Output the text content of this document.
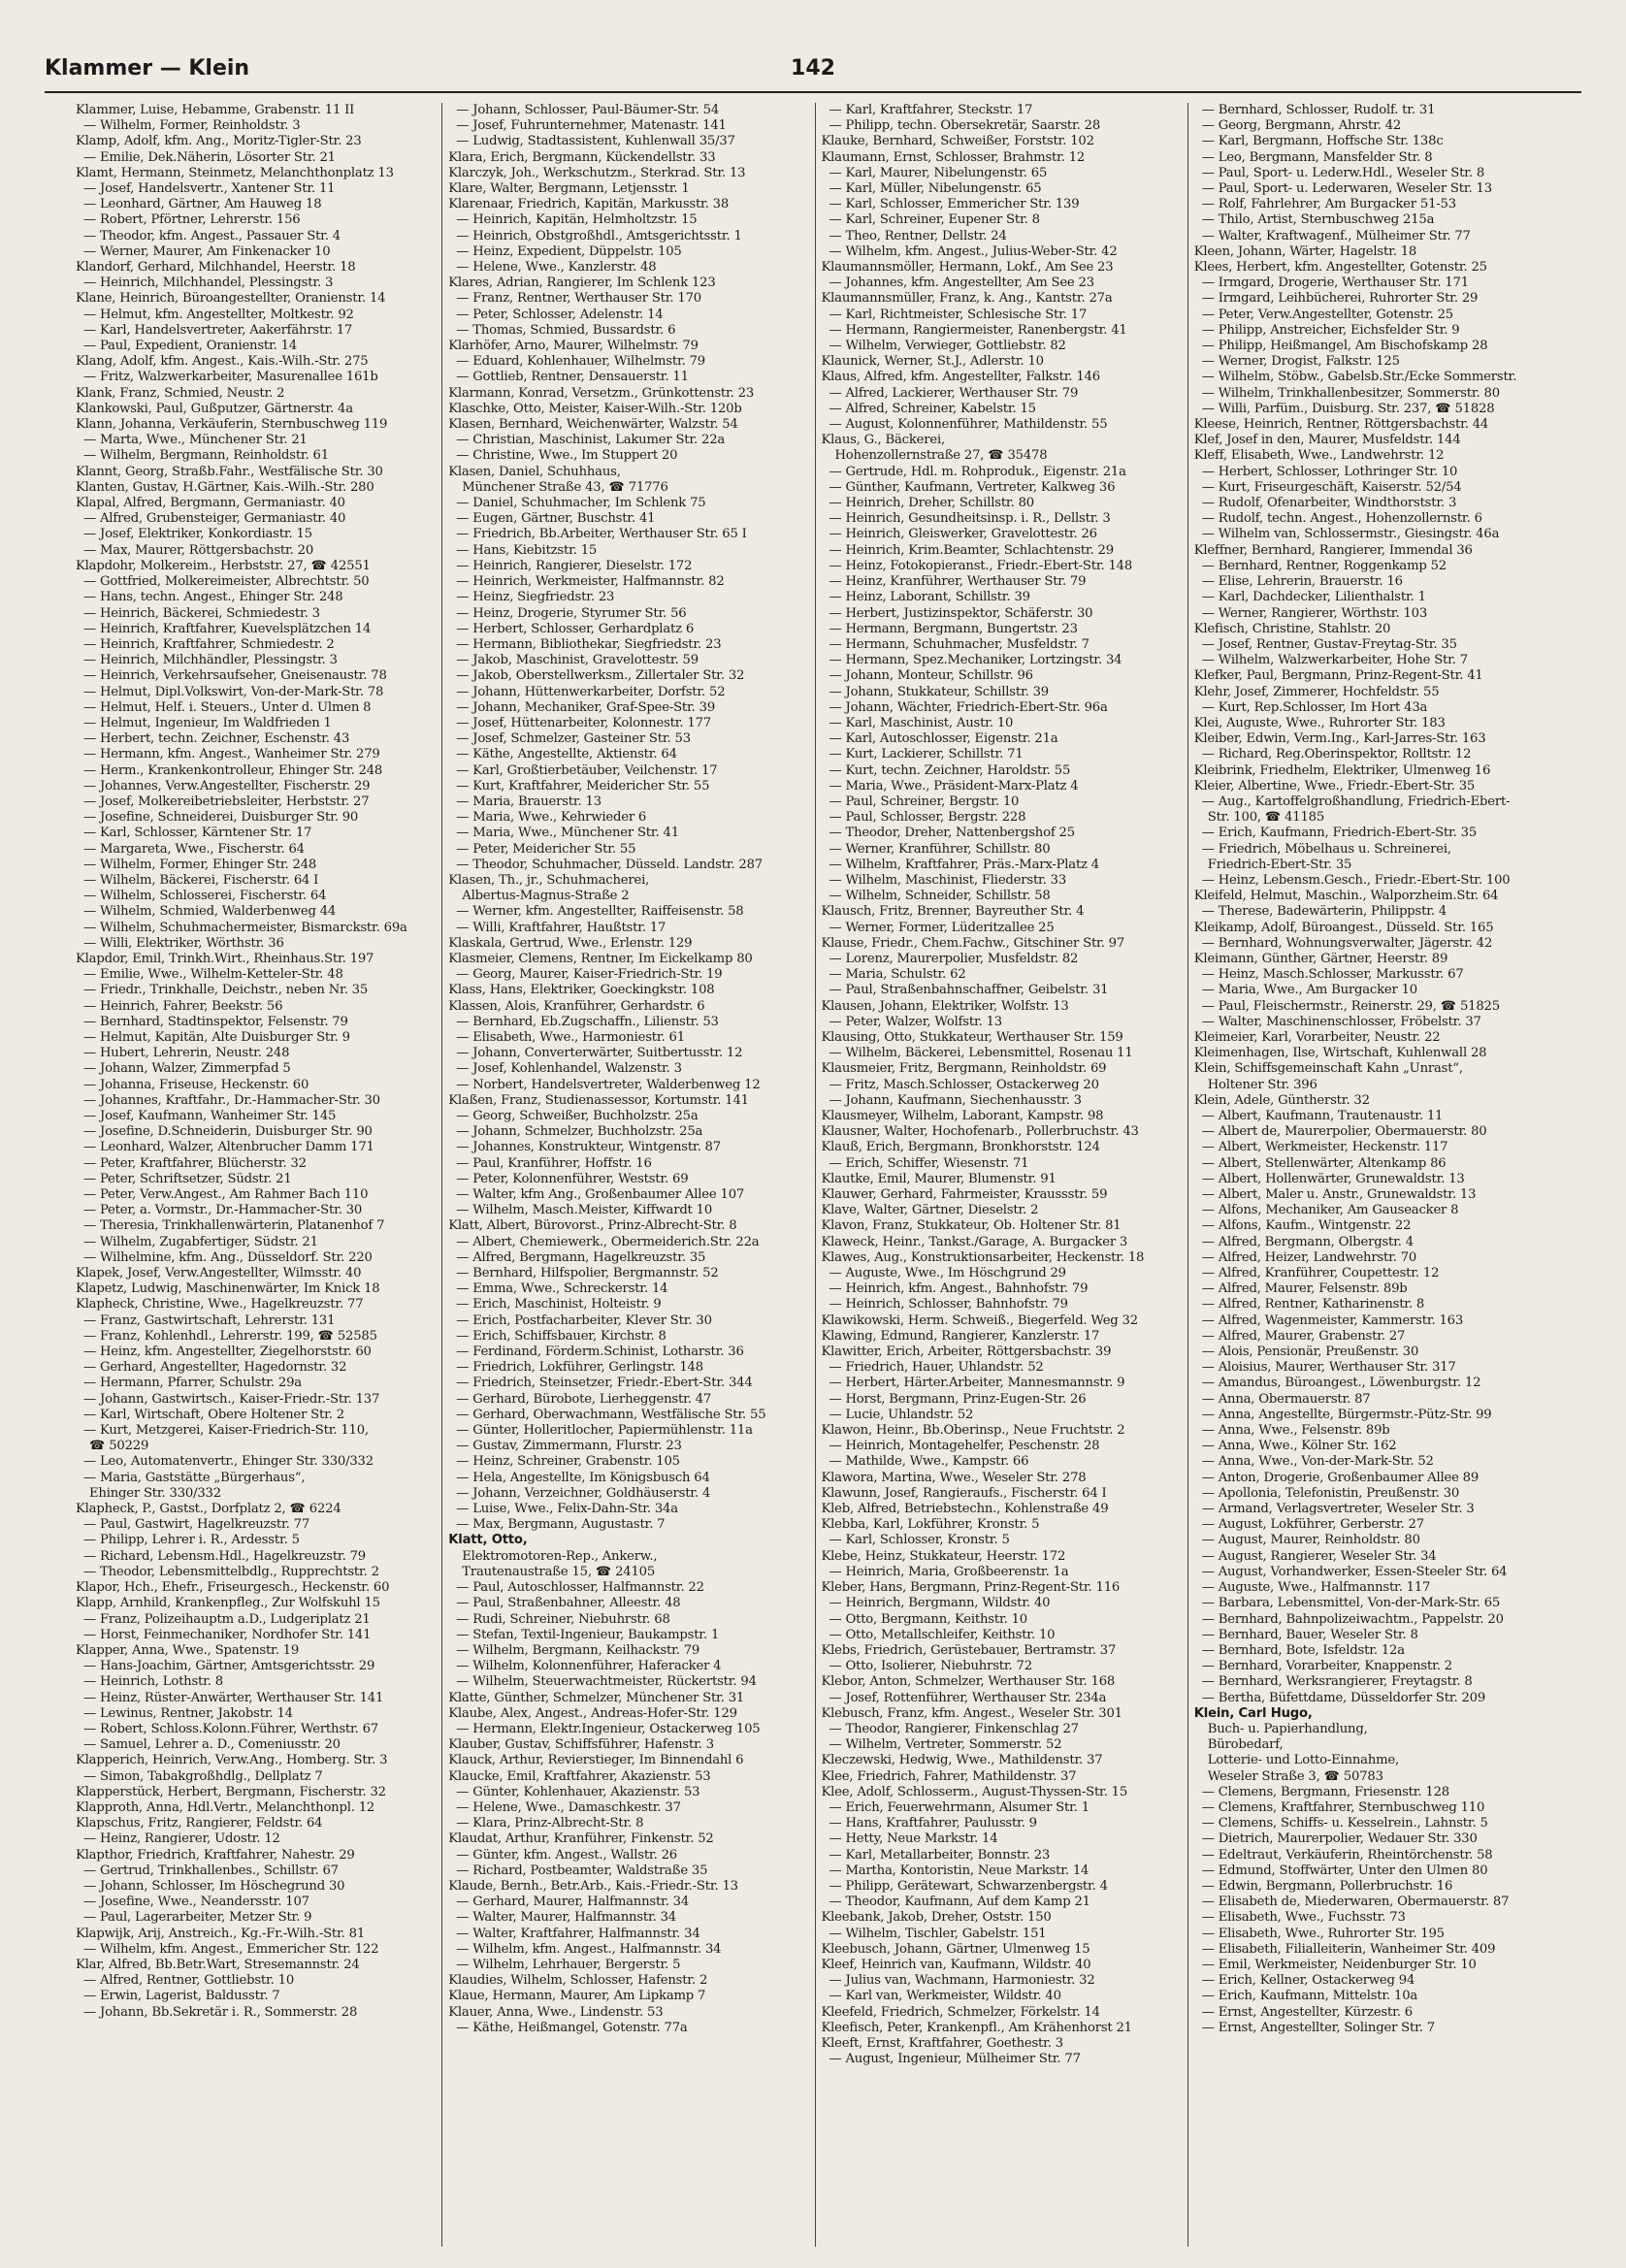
Klammer — Klein	142
Klammer, Luise, Hebamme, Grabenstr. 11 II
— Wilhelm, Former, Reinholdstr. 3
Klamp, Adolf, kfm. Ang., Moritz-Tigler-Str. 23
— Emilie, Dek.Näherin, Lösorter Str. 21
Klamt, Hermann, Steinmetz, Melanchthonplatz 13
— Josef, Handelsvertr., Xantener Str. 11
— Leonhard, Gärtner, Am Hauweg 18
— Robert, Pförtner, Lehrerstr. 156
— Theodor, kfm. Angest., Passauer Str. 4
— Werner, Maurer, Am Finkenacker 10
Klandorf, Gerhard, Milchhandel, Heerstr. 18
— Heinrich, Milchhandel, Plessingstr. 3
Klane, Heinrich, Büroangestellter, Oranienstr. 14
— Helmut, kfm. Angestellter, Moltkestr. 92
— Karl, Handelsvertreter, Aakerfährstr. 17
— Paul, Expedient, Oranienstr. 14
Klang, Adolf, kfm. Angest., Kais.-Wilh.-Str. 275
— Fritz, Walzwerkarbeiter, Masurenallee 161b
Klank, Franz, Schmied, Neustr. 2
Klankowski, Paul, Gußputzer, Gärtnerstr. 4a
Klann, Johanna, Verkäuferin, Sternbuschweg 119
— Marta, Wwe., Münchener Str. 21
— Wilhelm, Bergmann, Reinholdstr. 61
Klannt, Georg, Straßb.Fahr., Westfälische Str. 30
Klanten, Gustav, H.Gärtner, Kais.-Wilh.-Str. 280
Klapal, Alfred, Bergmann, Germaniastr. 40
— Alfred, Grubensteiger, Germaniastr. 40
— Josef, Elektriker, Konkordiastr. 15
— Max, Maurer, Röttgersbachstr. 20
Klapdohr, Molkereim., Herbststr. 27, ☎ 42551
— Gottfried, Molkereimeister, Albrechtstr. 50
— Hans, techn. Angest., Ehinger Str. 248
— Heinrich, Bäckerei, Schmiedestr. 3
— Heinrich, Kraftfahrer, Kuevelsplätzchen 14
— Heinrich, Kraftfahrer, Schmiedestr. 2
— Heinrich, Milchhändler, Plessingstr. 3
— Heinrich, Verkehrsaufseher, Gneisenaustr. 78
— Helmut, Dipl.Volkswirt, Von-der-Mark-Str. 78
— Helmut, Helf. i. Steuers., Unter d. Ulmen 8
— Helmut, Ingenieur, Im Waldfrieden 1
— Herbert, techn. Zeichner, Eschenstr. 43
— Hermann, kfm. Angest., Wanheimer Str. 279
— Herm., Krankenkontrolleur, Ehinger Str. 248
— Johannes, Verw.Angestellter, Fischerstr. 29
— Josef, Molkereibetriebsleiter, Herbststr. 27
— Josefine, Schneiderei, Duisburger Str. 90
— Karl, Schlosser, Kärntener Str. 17
— Margareta, Wwe., Fischerstr. 64
— Wilhelm, Former, Ehinger Str. 248
— Wilhelm, Bäckerei, Fischerstr. 64 I
— Wilhelm, Schlosserei, Fischerstr. 64
— Wilhelm, Schmied, Walderbenweg 44
— Wilhelm, Schuhmachermeister, Bismarckstr. 69a
— Willi, Elektriker, Wörthstr. 36
Klapdor, Emil, Trinkh.Wirt., Rheinhaus.Str. 197
— Emilie, Wwe., Wilhelm-Ketteler-Str. 48
— Friedr., Trinkhalle, Deichstr., neben Nr. 35
— Heinrich, Fahrer, Beekstr. 56
— Bernhard, Stadtinspektor, Felsenstr. 79
— Helmut, Kapitän, Alte Duisburger Str. 9
— Hubert, Lehrerin, Neustr. 248
— Johann, Walzer, Zimmerpfad 5
— Johanna, Friseuse, Heckenstr. 60
— Johannes, Kraftfahr., Dr.-Hammacher-Str. 30
— Josef, Kaufmann, Wanheimer Str. 145
— Josefine, D.Schneiderin, Duisburger Str. 90
— Leonhard, Walzer, Altenbrucher Damm 171
— Peter, Kraftfahrer, Blücherstr. 32
— Peter, Schriftsetzer, Südstr. 21
— Peter, Verw.Angest., Am Rahmer Bach 110
— Peter, a. Vormstr., Dr.-Hammacher-Str. 30
— Theresia, Trinkhallenwärterin, Platanenhof 7
— Wilhelm, Zugabfertiger, Südstr. 21
— Wilhelmine, kfm. Ang., Düsseldorf. Str. 220
Klapek, Josef, Verw.Angestellter, Wilmsstr. 40
Klapetz, Ludwig, Maschinenwärter, Im Knick 18
Klapheck, Christine, Wwe., Hagelkreuzstr. 77
— Franz, Gastwirtschaft, Lehrerstr. 131
— Franz, Kohlenhdl., Lehrerstr. 199, ☎ 52585
— Heinz, kfm. Angestellter, Ziegelhorststr. 60
— Gerhard, Angestellter, Hagedornstr. 32
— Hermann, Pfarrer, Schulstr. 29a
— Johann, Gastwirtsch., Kaiser-Friedr.-Str. 137
— Karl, Wirtschaft, Obere Holtener Str. 2
— Kurt, Metzgerei, Kaiser-Friedrich-Str. 110,
☎ 50229
— Leo, Automatenvertr., Ehinger Str. 330/332
— Maria, Gaststätte „Bürgerhaus“,
Ehinger Str. 330/332
Klapheck, P., Gastst., Dorfplatz 2, ☎ 6224
— Paul, Gastwirt, Hagelkreuzstr. 77
— Philipp, Lehrer i. R., Ardesstr. 5
— Richard, Lebensm.Hdl., Hagelkreuzstr. 79
— Theodor, Lebensmittelbdlg., Rupprechtstr. 2
Klapor, Hch., Ehefr., Friseurgesch., Heckenstr. 60
Klapp, Arnhild, Krankenpfleg., Zur Wolfskuhl 15
— Franz, Polizeihauptm a.D., Ludgeriplatz 21
— Horst, Feinmechaniker, Nordhofer Str. 141
Klapper, Anna, Wwe., Spatenstr. 19
— Hans-Joachim, Gärtner, Amtsgerichtsstr. 29
— Heinrich, Lothstr. 8
— Heinz, Rüster-Anwärter, Werthauser Str. 141
— Lewinus, Rentner, Jakobstr. 14
— Robert, Schloss.Kolonn.Führer, Werthstr. 67
— Samuel, Lehrer a. D., Comeniusstr. 20
Klapperich, Heinrich, Verw.Ang., Homberg. Str. 3
— Simon, Tabakgroßhdlg., Dellplatz 7
Klapperstück, Herbert, Bergmann, Fischerstr. 32
Klapproth, Anna, Hdl.Vertr., Melanchthonpl. 12
Klapschus, Fritz, Rangierer, Feldstr. 64
— Heinz, Rangierer, Udostr. 12
Klapthor, Friedrich, Kraftfahrer, Nahestr. 29
— Gertrud, Trinkhallenbes., Schillstr. 67
— Johann, Schlosser, Im Höschegrund 30
— Josefine, Wwe., Neandersstr. 107
— Paul, Lagerarbeiter, Metzer Str. 9
Klapwijk, Arij, Anstreich., Kg.-Fr.-Wilh.-Str. 81
— Wilhelm, kfm. Angest., Emmericher Str. 122
Klar, Alfred, Bb.Betr.Wart, Stresemannstr. 24
— Alfred, Rentner, Gottliebstr. 10
— Erwin, Lagerist, Baldusstr. 7
— Johann, Bb.Sekretär i. R., Sommerstr. 28
— Johann, Schlosser, Paul-Bäumer-Str. 54
— Josef, Fuhrunternehmer, Matenastr. 141
— Ludwig, Stadtassistent, Kuhlenwall 35/37
Klara, Erich, Bergmann, Kückendellstr. 33
Klarczyk, Joh., Werkschutzm., Sterkrad. Str. 13
Klare, Walter, Bergmann, Letjensstr. 1
Klarenaar, Friedrich, Kapitän, Markusstr. 38
— Heinrich, Kapitän, Helmholtzstr. 15
— Heinrich, Obstgroßhdl., Amtsgerichtsstr. 1
— Heinz, Expedient, Düppelstr. 105
— Helene, Wwe., Kanzlerstr. 48
Klares, Adrian, Rangierer, Im Schlenk 123
— Franz, Rentner, Werthauser Str. 170
— Peter, Schlosser, Adelenstr. 14
— Thomas, Schmied, Bussardstr. 6
Klarhöfer, Arno, Maurer, Wilhelmstr. 79
— Eduard, Kohlenhauer, Wilhelmstr. 79
— Gottlieb, Rentner, Densauerstr. 11
Klarmann, Konrad, Versetzm., Grünkottenstr. 23
Klaschke, Otto, Meister, Kaiser-Wilh.-Str. 120b
Klasen, Bernhard, Weichenwärter, Walzstr. 54
— Christian, Maschinist, Lakumer Str. 22a
— Christine, Wwe., Im Stuppert 20
Klasen, Daniel, Schuhhaus,
Münchener Straße 43, ☎ 71776
— Daniel, Schuhmacher, Im Schlenk 75
— Eugen, Gärtner, Buschstr. 41
— Friedrich, Bb.Arbeiter, Werthauser Str. 65 I
— Hans, Kiebitzstr. 15
— Heinrich, Rangierer, Dieselstr. 172
— Heinrich, Werkmeister, Halfmannstr. 82
— Heinz, Siegfriedstr. 23
— Heinz, Drogerie, Styrumer Str. 56
— Herbert, Schlosser, Gerhardplatz 6
— Hermann, Bibliothekar, Siegfriedstr. 23
— Jakob, Maschinist, Gravelottestr. 59
— Jakob, Oberstellwerksm., Zillertaler Str. 32
— Johann, Hüttenwerkarbeiter, Dorfstr. 52
— Johann, Mechaniker, Graf-Spee-Str. 39
— Josef, Hüttenarbeiter, Kolonnestr. 177
— Josef, Schmelzer, Gasteiner Str. 53
— Käthe, Angestellte, Aktienstr. 64
— Karl, Großtierbetäuber, Veilchenstr. 17
— Kurt, Kraftfahrer, Meidericher Str. 55
— Maria, Brauerstr. 13
— Maria, Wwe., Kehrwieder 6
— Maria, Wwe., Münchener Str. 41
— Peter, Meidericher Str. 55
— Theodor, Schuhmacher, Düsseld. Landstr. 287
Klasen, Th., jr., Schuhmacherei,
Albertus-Magnus-Straße 2
— Werner, kfm. Angestellter, Raiffeisenstr. 58
— Willi, Kraftfahrer, Haußtstr. 17
Klaskala, Gertrud, Wwe., Erlenstr. 129
Klasmeier, Clemens, Rentner, Im Eickelkamp 80
— Georg, Maurer, Kaiser-Friedrich-Str. 19
Klass, Hans, Elektriker, Goeckingkstr. 108
Klassen, Alois, Kranführer, Gerhardstr. 6
— Bernhard, Eb.Zugschaffn., Lilienstr. 53
— Elisabeth, Wwe., Harmoniestr. 61
— Johann, Converterwärter, Suitbertusstr. 12
— Josef, Kohlenhandel, Walzenstr. 3
— Norbert, Handelsvertreter, Walderbenweg 12
Klaßen, Franz, Studienassessor, Kortumstr. 141
— Georg, Schweißer, Buchholzstr. 25a
— Johann, Schmelzer, Buchholzstr. 25a
— Johannes, Konstrukteur, Wintgenstr. 87
— Paul, Kranführer, Hoffstr. 16
— Peter, Kolonnenführer, Weststr. 69
— Walter, kfm Ang., Großenbaumer Allee 107
— Wilhelm, Masch.Meister, Kiffwardt 10
Klatt, Albert, Bürovorst., Prinz-Albrecht-Str. 8
— Albert, Chemiewerk., Obermeiderich.Str. 22a
— Alfred, Bergmann, Hagelkreuzstr. 35
— Bernhard, Hilfspolier, Bergmannstr. 52
— Emma, Wwe., Schreckerstr. 14
— Erich, Maschinist, Holteistr. 9
— Erich, Postfacharbeiter, Klever Str. 30
— Erich, Schiffsbauer, Kirchstr. 8
— Ferdinand, Förderm.Schinist, Lotharstr. 36
— Friedrich, Lokführer, Gerlingstr. 148
— Friedrich, Steinsetzer, Friedr.-Ebert-Str. 344
— Gerhard, Bürobote, Lierheggenstr. 47
— Gerhard, Oberwachmann, Westfälische Str. 55
— Günter, Holleritlocher, Papiermühlenstr. 11a
— Gustav, Zimmermann, Flurstr. 23
— Heinz, Schreiner, Grabenstr. 105
— Hela, Angestellte, Im Königsbusch 64
— Johann, Verzeichner, Goldhäuserstr. 4
— Luise, Wwe., Felix-Dahn-Str. 34a
— Max, Bergmann, Augustastr. 7
Klatt, Otto,
Elektromotoren-Rep., Ankerw.,
Trautenaustraße 15, ☎ 24105
— Paul, Autoschlosser, Halfmannstr. 22
— Paul, Straßenbahner, Alleestr. 48
— Rudi, Schreiner, Niebuhrstr. 68
— Stefan, Textil-Ingenieur, Baukampstr. 1
— Wilhelm, Bergmann, Keilhackstr. 79
— Wilhelm, Kolonnenführer, Haferacker 4
— Wilhelm, Steuerwachtmeister, Rückertstr. 94
Klatte, Günther, Schmelzer, Münchener Str. 31
Klaube, Alex, Angest., Andreas-Hofer-Str. 129
— Hermann, Elektr.Ingenieur, Ostackerweg 105
Klauber, Gustav, Schiffsführer, Hafenstr. 3
Klauck, Arthur, Revierstieger, Im Binnendahl 6
Klaucke, Emil, Kraftfahrer, Akazienstr. 53
— Günter, Kohlenhauer, Akazienstr. 53
— Helene, Wwe., Damaschkestr. 37
— Klara, Prinz-Albrecht-Str. 8
Klaudat, Arthur, Kranführer, Finkenstr. 52
— Günter, kfm. Angest., Wallstr. 26
— Richard, Postbeamter, Waldstraße 35
Klaude, Bernh., Betr.Arb., Kais.-Friedr.-Str. 13
— Gerhard, Maurer, Halfmannstr. 34
— Walter, Maurer, Halfmannstr. 34
— Walter, Kraftfahrer, Halfmannstr. 34
— Wilhelm, kfm. Angest., Halfmannstr. 34
— Wilhelm, Lehrhauer, Bergerstr. 5
Klaudies, Wilhelm, Schlosser, Hafenstr. 2
Klaue, Hermann, Maurer, Am Lipkamp 7
Klauer, Anna, Wwe., Lindenstr. 53
— Käthe, Heißmangel, Gotenstr. 77a
— Karl, Kraftfahrer, Steckstr. 17
— Philipp, techn. Obersekretär, Saarstr. 28
Klauke, Bernhard, Schweißer, Forststr. 102
Klaumann, Ernst, Schlosser, Brahmstr. 12
— Karl, Maurer, Nibelungenstr. 65
— Karl, Müller, Nibelungenstr. 65
— Karl, Schlosser, Emmericher Str. 139
— Karl, Schreiner, Eupener Str. 8
— Theo, Rentner, Dellstr. 24
— Wilhelm, kfm. Angest., Julius-Weber-Str. 42
Klaumannsmöller, Hermann, Lokf., Am See 23
— Johannes, kfm. Angestellter, Am See 23
Klaumannsmüller, Franz, k. Ang., Kantstr. 27a
— Karl, Richtmeister, Schlesische Str. 17
— Hermann, Rangiermeister, Ranenbergstr. 41
— Wilhelm, Verwieger, Gottliebstr. 82
Klaunick, Werner, St.J., Adlerstr. 10
Klaus, Alfred, kfm. Angestellter, Falkstr. 146
— Alfred, Lackierer, Werthauser Str. 79
— Alfred, Schreiner, Kabelstr. 15
— August, Kolonnenführer, Mathildenstr. 55
Klaus, G., Bäckerei,
Hohenzollernstraße 27, ☎ 35478
— Gertrude, Hdl. m. Rohproduk., Eigenstr. 21a
— Günther, Kaufmann, Vertreter, Kalkweg 36
— Heinrich, Dreher, Schillstr. 80
— Heinrich, Gesundheitsinsp. i. R., Dellstr. 3
— Heinrich, Gleiswerker, Gravelottestr. 26
— Heinrich, Krim.Beamter, Schlachtenstr. 29
— Heinz, Fotokopieranst., Friedr.-Ebert-Str. 148
— Heinz, Kranführer, Werthauser Str. 79
— Heinz, Laborant, Schillstr. 39
— Herbert, Justizinspektor, Schäferstr. 30
— Hermann, Bergmann, Bungertstr. 23
— Hermann, Schuhmacher, Musfeldstr. 7
— Hermann, Spez.Mechaniker, Lortzingstr. 34
— Johann, Monteur, Schillstr. 96
— Johann, Stukkateur, Schillstr. 39
— Johann, Wächter, Friedrich-Ebert-Str. 96a
— Karl, Maschinist, Austr. 10
— Karl, Autoschlosser, Eigenstr. 21a
— Kurt, Lackierer, Schillstr. 71
— Kurt, techn. Zeichner, Haroldstr. 55
— Maria, Wwe., Präsident-Marx-Platz 4
— Paul, Schreiner, Bergstr. 10
— Paul, Schlosser, Bergstr. 228
— Theodor, Dreher, Nattenbergshof 25
— Werner, Kranführer, Schillstr. 80
— Wilhelm, Kraftfahrer, Präs.-Marx-Platz 4
— Wilhelm, Maschinist, Fliederstr. 33
— Wilhelm, Schneider, Schillstr. 58
Klausch, Fritz, Brenner, Bayreuther Str. 4
— Werner, Former, Lüderitzallee 25
Klause, Friedr., Chem.Fachw., Gitschiner Str. 97
— Lorenz, Maurerpolier, Musfeldstr. 82
— Maria, Schulstr. 62
— Paul, Straßenbahnschaffner, Geibelstr. 31
Klausen, Johann, Elektriker, Wolfstr. 13
— Peter, Walzer, Wolfstr. 13
Klausing, Otto, Stukkateur, Werthauser Str. 159
— Wilhelm, Bäckerei, Lebensmittel, Rosenau 11
Klausmeier, Fritz, Bergmann, Reinholdstr. 69
— Fritz, Masch.Schlosser, Ostackerweg 20
— Johann, Kaufmann, Siechenhausstr. 3
Klausmeyer, Wilhelm, Laborant, Kampstr. 98
Klausner, Walter, Hochofenarb., Pollerbruchstr. 43
Klauß, Erich, Bergmann, Bronkhorststr. 124
— Erich, Schiffer, Wiesenstr. 71
Klautke, Emil, Maurer, Blumenstr. 91
Klauwer, Gerhard, Fahrmeister, Kraussstr. 59
Klave, Walter, Gärtner, Dieselstr. 2
Klavon, Franz, Stukkateur, Ob. Holtener Str. 81
Klaweck, Heinr., Tankst./Garage, A. Burgacker 3
Klawes, Aug., Konstruktionsarbeiter, Heckenstr. 18
— Auguste, Wwe., Im Höschgrund 29
— Heinrich, kfm. Angest., Bahnhofstr. 79
— Heinrich, Schlosser, Bahnhofstr. 79
Klawikowski, Herm. Schweiß., Biegerfeld. Weg 32
Klawing, Edmund, Rangierer, Kanzlerstr. 17
Klawitter, Erich, Arbeiter, Röttgersbachstr. 39
— Friedrich, Hauer, Uhlandstr. 52
— Herbert, Härter.Arbeiter, Mannesmannstr. 9
— Horst, Bergmann, Prinz-Eugen-Str. 26
— Lucie, Uhlandstr. 52
Klawon, Heinr., Bb.Oberinsp., Neue Fruchtstr. 2
— Heinrich, Montagehelfer, Peschenstr. 28
— Mathilde, Wwe., Kampstr. 66
Klawora, Martina, Wwe., Weseler Str. 278
Klawunn, Josef, Rangieraufs., Fischerstr. 64 I
Kleb, Alfred, Betriebstechn., Kohlenstraße 49
Klebba, Karl, Lokführer, Kronstr. 5
— Karl, Schlosser, Kronstr. 5
Klebe, Heinz, Stukkateur, Heerstr. 172
— Heinrich, Maria, Großbeerenstr. 1a
Kleber, Hans, Bergmann, Prinz-Regent-Str. 116
— Heinrich, Bergmann, Wildstr. 40
— Otto, Bergmann, Keithstr. 10
— Otto, Metallschleifer, Keithstr. 10
Klebs, Friedrich, Gerüstebauer, Bertramstr. 37
— Otto, Isolierer, Niebuhrstr. 72
Klebor, Anton, Schmelzer, Werthauser Str. 168
— Josef, Rottenführer, Werthauser Str. 234a
Klebusch, Franz, kfm. Angest., Weseler Str. 301
— Theodor, Rangierer, Finkenschlag 27
— Wilhelm, Vertreter, Sommerstr. 52
Kleczewski, Hedwig, Wwe., Mathildenstr. 37
Klee, Friedrich, Fahrer, Mathildenstr. 37
Klee, Adolf, Schlosserm., August-Thyssen-Str. 15
— Erich, Feuerwehrmann, Alsumer Str. 1
— Hans, Kraftfahrer, Paulusstr. 9
— Hetty, Neue Markstr. 14
— Karl, Metallarbeiter, Bonnstr. 23
— Martha, Kontoristin, Neue Markstr. 14
— Philipp, Gerätewart, Schwarzenbergstr. 4
— Theodor, Kaufmann, Auf dem Kamp 21
Kleebank, Jakob, Dreher, Oststr. 150
— Wilhelm, Tischler, Gabelstr. 151
Kleebusch, Johann, Gärtner, Ulmenweg 15
Kleef, Heinrich van, Kaufmann, Wildstr. 40
— Julius van, Wachmann, Harmoniestr. 32
— Karl van, Werkmeister, Wildstr. 40
Kleefeld, Friedrich, Schmelzer, Förkelstr. 14
Kleefisch, Peter, Krankenpfl., Am Krähenhorst 21
Kleeft, Ernst, Kraftfahrer, Goethestr. 3
— August, Ingenieur, Mülheimer Str. 77
— Bernhard, Schlosser, Rudolf. tr. 31
— Georg, Bergmann, Ahrstr. 42
— Karl, Bergmann, Hoffsche Str. 138c
— Leo, Bergmann, Mansfelder Str. 8
— Paul, Sport- u. Lederw.Hdl., Weseler Str. 8
— Paul, Sport- u. Lederwaren, Weseler Str. 13
— Rolf, Fahrlehrer, Am Burgacker 51-53
— Thilo, Artist, Sternbuschweg 215a
— Walter, Kraftwagenf., Mülheimer Str. 77
Kleen, Johann, Wärter, Hagelstr. 18
Klees, Herbert, kfm. Angestellter, Gotenstr. 25
— Irmgard, Drogerie, Werthauser Str. 171
— Irmgard, Leihbücherei, Ruhrorter Str. 29
— Peter, Verw.Angestellter, Gotenstr. 25
— Philipp, Anstreicher, Eichsfelder Str. 9
— Philipp, Heißmangel, Am Bischofskamp 28
— Werner, Drogist, Falkstr. 125
— Wilhelm, Stöbw., Gabelsb.Str./Ecke Sommerstr.
— Wilhelm, Trinkhallenbesitzer, Sommerstr. 80
— Willi, Parfüm., Duisburg. Str. 237, ☎ 51828
Kleese, Heinrich, Rentner, Röttgersbachstr. 44
Klef, Josef in den, Maurer, Musfeldstr. 144
Kleff, Elisabeth, Wwe., Landwehrstr. 12
— Herbert, Schlosser, Lothringer Str. 10
— Kurt, Friseurgeschäft, Kaiserstr. 52/54
— Rudolf, Ofenarbeiter, Windthorststr. 3
— Rudolf, techn. Angest., Hohenzollernstr. 6
— Wilhelm van, Schlossermstr., Giesingstr. 46a
Kleffner, Bernhard, Rangierer, Immendal 36
— Bernhard, Rentner, Roggenkamp 52
— Elise, Lehrerin, Brauerstr. 16
— Karl, Dachdecker, Lilienthalstr. 1
— Werner, Rangierer, Wörthstr. 103
Klefisch, Christine, Stahlstr. 20
— Josef, Rentner, Gustav-Freytag-Str. 35
— Wilhelm, Walzwerkarbeiter, Hohe Str. 7
Klefker, Paul, Bergmann, Prinz-Regent-Str. 41
Klehr, Josef, Zimmerer, Hochfeldstr. 55
— Kurt, Rep.Schlosser, Im Hort 43a
Klei, Auguste, Wwe., Ruhrorter Str. 183
Kleiber, Edwin, Verm.Ing., Karl-Jarres-Str. 163
— Richard, Reg.Oberinspektor, Rolltstr. 12
Kleibrink, Friedhelm, Elektriker, Ulmenweg 16
Kleier, Albertine, Wwe., Friedr.-Ebert-Str. 35
— Aug., Kartoffelgroßhandlung, Friedrich-Ebert-
Str. 100, ☎ 41185
— Erich, Kaufmann, Friedrich-Ebert-Str. 35
— Friedrich, Möbelhaus u. Schreinerei,
Friedrich-Ebert-Str. 35
— Heinz, Lebensm.Gesch., Friedr.-Ebert-Str. 100
Kleifeld, Helmut, Maschin., Walporzheim.Str. 64
— Therese, Badewärterin, Philippstr. 4
Kleikamp, Adolf, Büroangest., Düsseld. Str. 165
— Bernhard, Wohnungsverwalter, Jägerstr. 42
Kleimann, Günther, Gärtner, Heerstr. 89
— Heinz, Masch.Schlosser, Markusstr. 67
— Maria, Wwe., Am Burgacker 10
— Paul, Fleischermstr., Reinerstr. 29, ☎ 51825
— Walter, Maschinenschlosser, Fröbelstr. 37
Kleimeier, Karl, Vorarbeiter, Neustr. 22
Kleimenhagen, Ilse, Wirtschaft, Kuhlenwall 28
Klein, Schiffsgemeinschaft Kahn „Unrast“,
Holtener Str. 396
Klein, Adele, Güntherstr. 32
— Albert, Kaufmann, Trautenaustr. 11
— Albert de, Maurerpolier, Obermauerstr. 80
— Albert, Werkmeister, Heckenstr. 117
— Albert, Stellenwärter, Altenkamp 86
— Albert, Hollenwärter, Grunewaldstr. 13
— Albert, Maler u. Anstr., Grunewaldstr. 13
— Alfons, Mechaniker, Am Gauseacker 8
— Alfons, Kaufm., Wintgenstr. 22
— Alfred, Bergmann, Ölbergstr. 4
— Alfred, Heizer, Landwehrstr. 70
— Alfred, Kranführer, Coupettestr. 12
— Alfred, Maurer, Felsenstr. 89b
— Alfred, Rentner, Katharinenstr. 8
— Alfred, Wagenmeister, Kammerstr. 163
— Alfred, Maurer, Grabenstr. 27
— Alois, Pensionär, Preußenstr. 30
— Aloisius, Maurer, Werthauser Str. 317
— Amandus, Büroangest., Löwenburgstr. 12
— Anna, Obermauerstr. 87
— Anna, Angestellte, Bürgermstr.-Pütz-Str. 99
— Anna, Wwe., Felsenstr. 89b
— Anna, Wwe., Kölner Str. 162
— Anna, Wwe., Von-der-Mark-Str. 52
— Anton, Drogerie, Großenbaumer Allee 89
— Apollonia, Telefonistin, Preußenstr. 30
— Armand, Verlagsvertreter, Weseler Str. 3
— August, Lokführer, Gerberstr. 27
— August, Maurer, Reinholdstr. 80
— August, Rangierer, Weseler Str. 34
— August, Vorhandwerker, Essen-Steeler Str. 64
— Auguste, Wwe., Halfmannstr. 117
— Barbara, Lebensmittel, Von-der-Mark-Str. 65
— Bernhard, Bahnpolizeiwachtm., Pappelstr. 20
— Bernhard, Bauer, Weseler Str. 8
— Bernhard, Bote, Isfeldstr. 12a
— Bernhard, Vorarbeiter, Knappenstr. 2
— Bernhard, Werksrangierer, Freytagstr. 8
— Bertha, Büfettdame, Düsseldorfer Str. 209
Klein, Carl Hugo,
Buch- u. Papierhandlung,
Bürobedarf,
Lotterie- und Lotto-Einnahme,
Weseler Straße 3, ☎ 50783
— Clemens, Bergmann, Friesenstr. 128
— Clemens, Kraftfahrer, Sternbuschweg 110
— Clemens, Schiffs- u. Kesselrein., Lahnstr. 5
— Dietrich, Maurerpolier, Wedauer Str. 330
— Edeltraut, Verkäuferin, Rheintörchenstr. 58
— Edmund, Stoffwärter, Unter den Ulmen 80
— Edwin, Bergmann, Pollerbruchstr. 16
— Elisabeth de, Miederwaren, Obermauerstr. 87
— Elisabeth, Wwe., Fuchsstr. 73
— Elisabeth, Wwe., Ruhrorter Str. 195
— Elisabeth, Filialleiterin, Wanheimer Str. 409
— Emil, Werkmeister, Neidenburger Str. 10
— Erich, Kellner, Ostackerweg 94
— Erich, Kaufmann, Mittelstr. 10a
— Ernst, Angestellter, Kürzestr. 6
— Ernst, Angestellter, Solinger Str. 7
